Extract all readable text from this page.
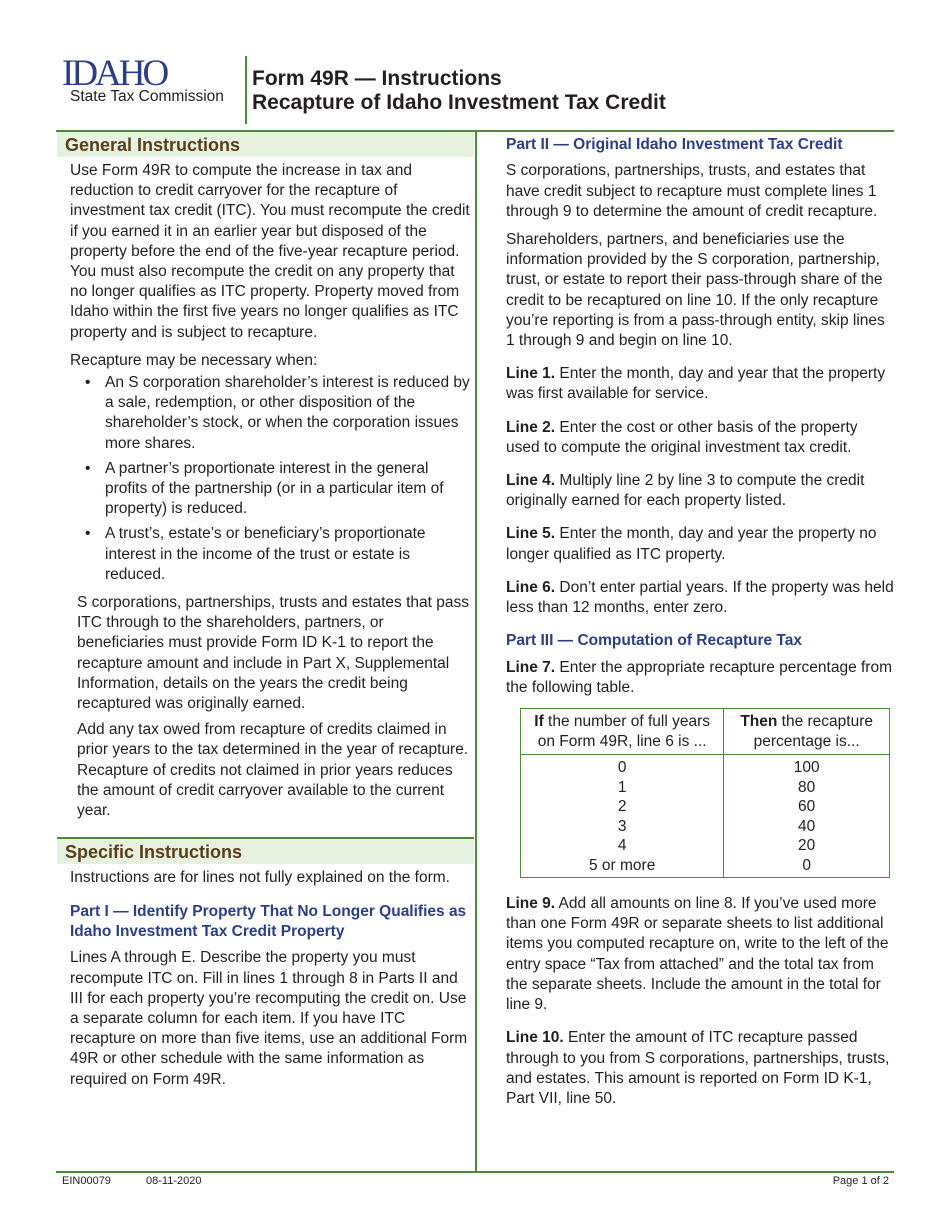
IDAHO
State Tax Commission
Form 49R — Instructions
Recapture of Idaho Investment Tax Credit
General Instructions

Use Form 49R to compute the increase in tax and reduction to credit carryover for the recapture of investment tax credit (ITC). You must recompute the credit if you earned it in an earlier year but disposed of the property before the end of the five-year recapture period. You must also recompute the credit on any property that no longer qualifies as ITC property. Property moved from Idaho within the first five years no longer qualifies as ITC property and is subject to recapture.

Recapture may be necessary when:

• An S corporation shareholder’s interest is reduced by a sale, redemption, or other disposition of the shareholder’s stock, or when the corporation issues more shares.
• A partner’s proportionate interest in the general profits of the partnership (or in a particular item of property) is reduced.
• A trust’s, estate’s or beneficiary’s proportionate interest in the income of the trust or estate is reduced.

S corporations, partnerships, trusts and estates that pass ITC through to the shareholders, partners, or beneficiaries must provide Form ID K-1 to report the recapture amount and include in Part X, Supplemental Information, details on the years the credit being recaptured was originally earned.

Add any tax owed from recapture of credits claimed in prior years to the tax determined in the year of recapture. Recapture of credits not claimed in prior years reduces the amount of credit carryover available to the current year.

Specific Instructions

Instructions are for lines not fully explained on the form.

Part I — Identify Property That No Longer Qualifies as Idaho Investment Tax Credit Property

Lines A through E. Describe the property you must recompute ITC on. Fill in lines 1 through 8 in Parts II and III for each property you’re recomputing the credit on. Use a separate column for each item. If you have ITC recapture on more than five items, use an additional Form 49R or other schedule with the same information as required on Form 49R.

Part II — Original Idaho Investment Tax Credit

S corporations, partnerships, trusts, and estates that have credit subject to recapture must complete lines 1 through 9 to determine the amount of credit recapture.

Shareholders, partners, and beneficiaries use the information provided by the S corporation, partnership, trust, or estate to report their pass-through share of the credit to be recaptured on line 10. If the only recapture you’re reporting is from a pass-through entity, skip lines 1 through 9 and begin on line 10.

Line 1. Enter the month, day and year that the property was first available for service.

Line 2. Enter the cost or other basis of the property used to compute the original investment tax credit.

Line 4. Multiply line 2 by line 3 to compute the credit originally earned for each property listed.

Line 5. Enter the month, day and year the property no longer qualified as ITC property.

Line 6. Don’t enter partial years. If the property was held less than 12 months, enter zero.

Part III — Computation of Recapture Tax

Line 7. Enter the appropriate recapture percentage from the following table.

If the number of full years on Form 49R, line 6 is ...	Then the recapture percentage is...
0	100
1	80
2	60
3	40
4	20
5 or more	0

Line 9. Add all amounts on line 8. If you’ve used more than one Form 49R or separate sheets to list additional items you computed recapture on, write to the left of the entry space “Tax from attached” and the total tax from the separate sheets. Include the amount in the total for line 9.

Line 10. Enter the amount of ITC recapture passed through to you from S corporations, partnerships, trusts, and estates. This amount is reported on Form ID K-1, Part VII, line 50.

EIN00079	08-11-2020	Page 1 of 2
